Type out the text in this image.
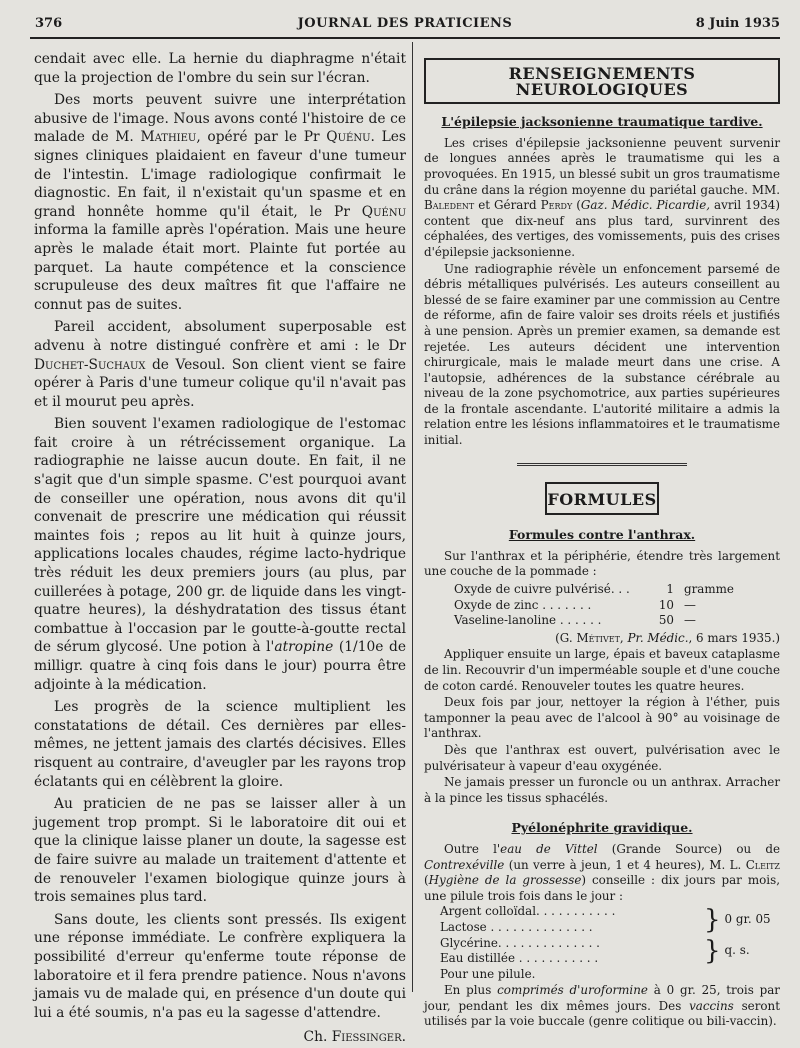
376	JOURNAL DES PRATICIENS	8 Juin 1935

cendait avec elle. La hernie du diaphragme n'était que la projection de l'ombre du sein sur l'écran.

Des morts peuvent suivre une interprétation abusive de l'image. Nous avons conté l'histoire de ce malade de M. Mathieu, opéré par le Pr Quénu. Les signes cliniques plaidaient en faveur d'une tumeur de l'intestin. L'image radiologique confirmait le diagnostic. En fait, il n'existait qu'un spasme et en grand honnête homme qu'il était, le Pr Quénu informa la famille après l'opération. Mais une heure après le malade était mort. Plainte fut portée au parquet. La haute compétence et la conscience scrupuleuse des deux maîtres fit que l'affaire ne connut pas de suites.

Pareil accident, absolument superposable est advenu à notre distingué confrère et ami : le Dr Duchet-Suchaux de Vesoul. Son client vient se faire opérer à Paris d'une tumeur colique qu'il n'avait pas et il mourut peu après.

Bien souvent l'examen radiologique de l'estomac fait croire à un rétrécissement organique. La radiographie ne laisse aucun doute. En fait, il ne s'agit que d'un simple spasme. C'est pourquoi avant de conseiller une opération, nous avons dit qu'il convenait de prescrire une médication qui réussit maintes fois ; repos au lit huit à quinze jours, applications locales chaudes, régime lacto-hydrique très réduit les deux premiers jours (au plus, par cuillerées à potage, 200 gr. de liquide dans les vingt-quatre heures), la déshydratation des tissus étant combattue à l'occasion par le goutte-à-goutte rectal de sérum glycosé. Une potion à l'atropine (1/10e de milligr. quatre à cinq fois dans le jour) pourra être adjointe à la médication.

Les progrès de la science multiplient les constatations de détail. Ces dernières par elles-mêmes, ne jettent jamais des clartés décisives. Elles risquent au contraire, d'aveugler par les rayons trop éclatants qui en célèbrent la gloire.

Au praticien de ne pas se laisser aller à un jugement trop prompt. Si le laboratoire dit oui et que la clinique laisse planer un doute, la sagesse est de faire suivre au malade un traitement d'attente et de renouveler l'examen biologique quinze jours à trois semaines plus tard.

Sans doute, les clients sont pressés. Ils exigent une réponse immédiate. Le confrère expliquera la possibilité d'erreur qu'enferme toute réponse de laboratoire et il fera prendre patience. Nous n'avons jamais vu de malade qui, en présence d'un doute qui lui a été soumis, n'a pas eu la sagesse d'attendre.

Ch. Fiessinger.

RENSEIGNEMENTS NEUROLOGIQUES
L'épilepsie jacksonienne traumatique tardive.

Les crises d'épilepsie jacksonienne peuvent survenir de longues années après le traumatisme qui les a provoquées. En 1915, un blessé subit un gros traumatisme du crâne dans la région moyenne du pariétal gauche. MM. Baledent et Gérard Perdy (Gaz. Médic. Picardie, avril 1934) content que dix-neuf ans plus tard, survinrent des céphalées, des vertiges, des vomissements, puis des crises d'épilepsie jacksonienne.

Une radiographie révèle un enfoncement parsemé de débris métalliques pulvérisés. Les auteurs conseillent au blessé de se faire examiner par une commission au Centre de réforme, afin de faire valoir ses droits réels et justifiés à une pension. Après un premier examen, sa demande est rejetée. Les auteurs décident une intervention chirurgicale, mais le malade meurt dans une crise. A l'autopsie, adhérences de la substance cérébrale au niveau de la zone psychomotrice, aux parties supérieures de la frontale ascendante. L'autorité militaire a admis la relation entre les lésions inflammatoires et le traumatisme initial.

FORMULES
Formules contre l'anthrax.

Sur l'anthrax et la périphérie, étendre très largement une couche de la pommade :

Oxyde de cuivre pulvérisé. . .	1 gramme
Oxyde de zinc . . . . . . .	10 —
Vaseline-lanoline . . . . . .	50 —

(G. Métivet, Pr. Médic., 6 mars 1935.)

Appliquer ensuite un large, épais et baveux cataplasme de lin. Recouvrir d'un imperméable souple et d'une couche de coton cardé. Renouveler toutes les quatre heures.

Deux fois par jour, nettoyer la région à l'éther, puis tamponner la peau avec de l'alcool à 90° au voisinage de l'anthrax.

Dès que l'anthrax est ouvert, pulvérisation avec le pulvérisateur à vapeur d'eau oxygénée.

Ne jamais presser un furoncle ou un anthrax. Arracher à la pince les tissus sphacélés.

Pyélonéphrite gravidique.

Outre l'eau de Vittel (Grande Source) ou de Contrexéville (un verre à jeun, 1 et 4 heures), M. L. Cleitz (Hygiène de la grossesse) conseille : dix jours par mois, une pilule trois fois dans le jour :

Argent colloïdal. . . . . . . . . . .
Lactose . . . . . . . . . . . . . .	} 0 gr. 05
Glycérine. . . . . . . . . . . . . .
Eau distillée . . . . . . . . . . .	} q. s.

Pour une pilule.

En plus comprimés d'uroformine à 0 gr. 25, trois par jour, pendant les dix mêmes jours. Des vaccins seront utilisés par la voie buccale (genre colitique ou bili-vaccin).
